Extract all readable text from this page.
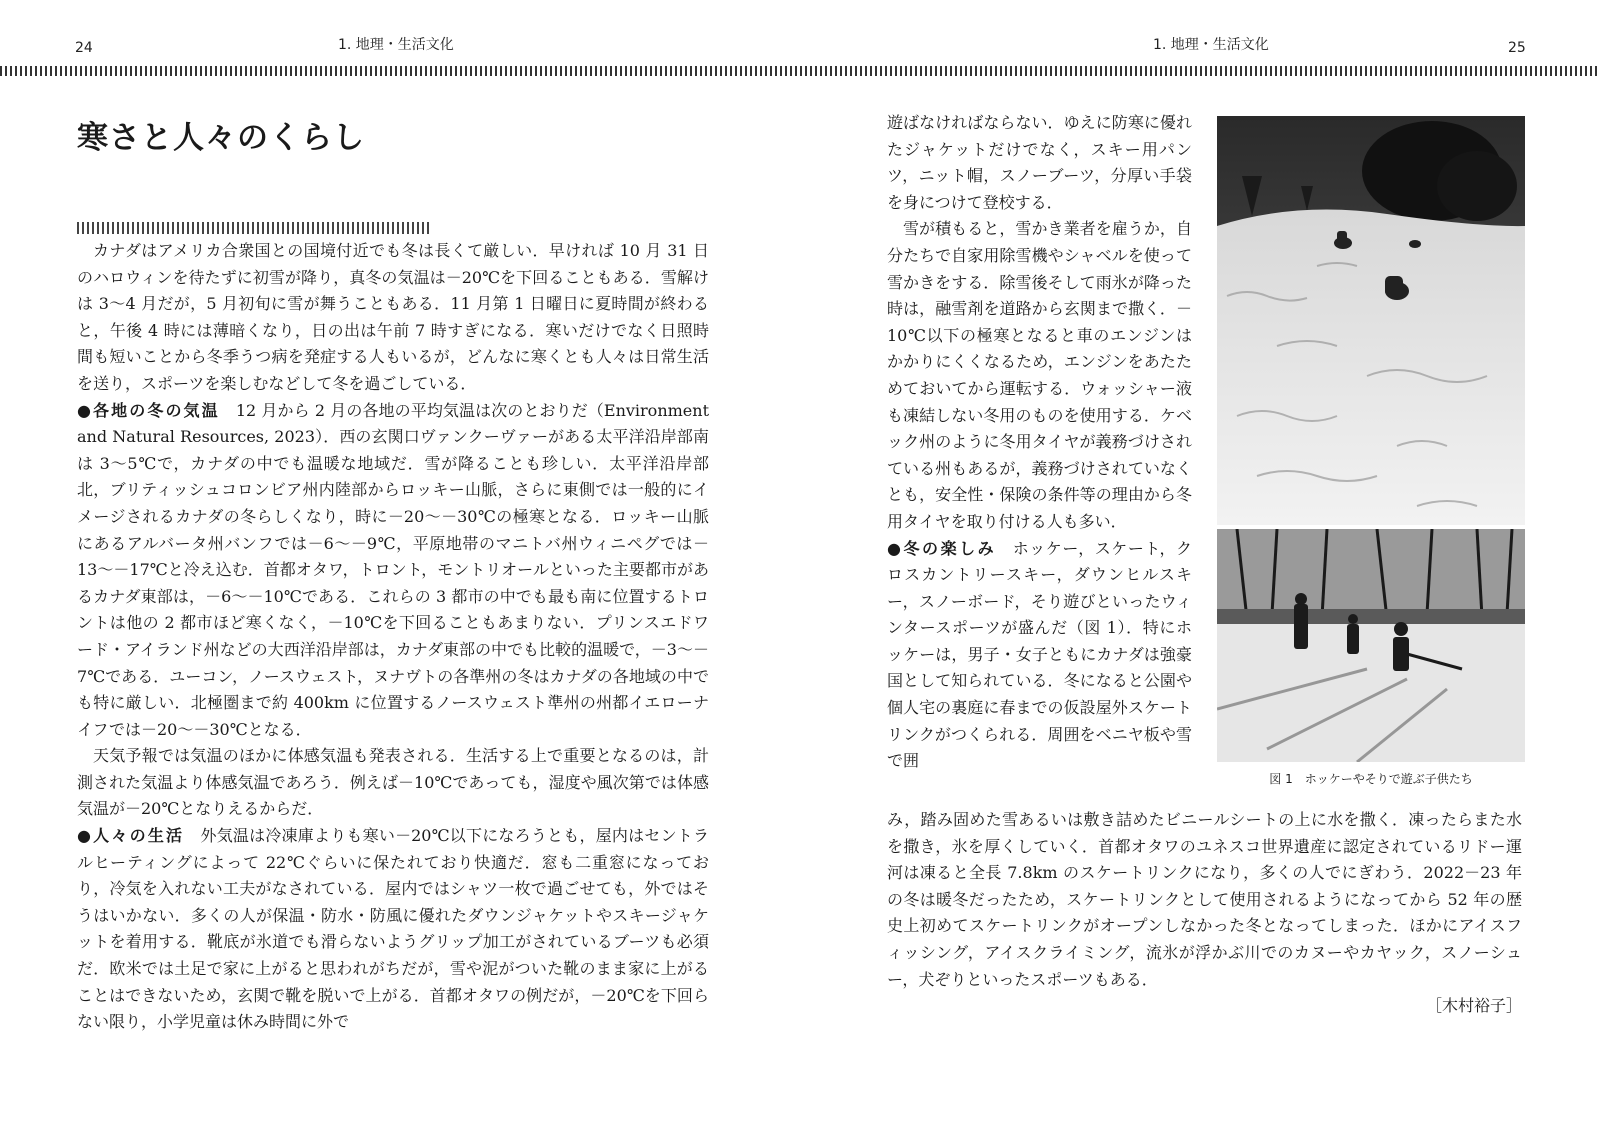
24	1. 地理・生活文化	1. 地理・生活文化	25
寒さと人々のくらし

カナダはアメリカ合衆国との国境付近でも冬は長くて厳しい．早ければ 10 月 31 日のハロウィンを待たずに初雪が降り，真冬の気温は－20℃を下回ることもある．雪解けは 3～4 月だが，5 月初旬に雪が舞うこともある．11 月第 1 日曜日に夏時間が終わると，午後 4 時には薄暗くなり，日の出は午前 7 時すぎになる．寒いだけでなく日照時間も短いことから冬季うつ病を発症する人もいるが，どんなに寒くとも人々は日常生活を送り，スポーツを楽しむなどして冬を過ごしている．

●各地の冬の気温　12 月から 2 月の各地の平均気温は次のとおりだ（Environment and Natural Resources, 2023）．西の玄関口ヴァンクーヴァーがある太平洋沿岸部南は 3～5℃で，カナダの中でも温暖な地域だ．雪が降ることも珍しい．太平洋沿岸部北，ブリティッシュコロンビア州内陸部からロッキー山脈，さらに東側では一般的にイメージされるカナダの冬らしくなり，時に－20～－30℃の極寒となる．ロッキー山脈にあるアルバータ州バンフでは－6～－9℃，平原地帯のマニトバ州ウィニペグでは－13～－17℃と冷え込む．首都オタワ，トロント，モントリオールといった主要都市があるカナダ東部は，－6～－10℃である．これらの 3 都市の中でも最も南に位置するトロントは他の 2 都市ほど寒くなく，－10℃を下回ることもあまりない．プリンスエドワード・アイランド州などの大西洋沿岸部は，カナダ東部の中でも比較的温暖で，－3～－7℃である．ユーコン，ノースウェスト，ヌナヴトの各準州の冬はカナダの各地域の中でも特に厳しい．北極圏まで約 400km に位置するノースウェスト準州の州都イエローナイフでは－20～－30℃となる．

天気予報では気温のほかに体感気温も発表される．生活する上で重要となるのは，計測された気温より体感気温であろう．例えば－10℃であっても，湿度や風次第では体感気温が－20℃となりえるからだ．

●人々の生活　外気温は冷凍庫よりも寒い－20℃以下になろうとも，屋内はセントラルヒーティングによって 22℃ぐらいに保たれており快適だ．窓も二重窓になっており，冷気を入れない工夫がなされている．屋内ではシャツ一枚で過ごせても，外ではそうはいかない．多くの人が保温・防水・防風に優れたダウンジャケットやスキージャケットを着用する．靴底が氷道でも滑らないようグリップ加工がされているブーツも必須だ．欧米では土足で家に上がると思われがちだが，雪や泥がついた靴のまま家に上がることはできないため，玄関で靴を脱いで上がる．首都オタワの例だが，－20℃を下回らない限り，小学児童は休み時間に外で

遊ばなければならない．ゆえに防寒に優れたジャケットだけでなく，スキー用パンツ，ニット帽，スノーブーツ，分厚い手袋を身につけて登校する．

雪が積もると，雪かき業者を雇うか，自分たちで自家用除雪機やシャベルを使って雪かきをする．除雪後そして雨氷が降った時は，融雪剤を道路から玄関まで撒く．－10℃以下の極寒となると車のエンジンはかかりにくくなるため，エンジンをあたためておいてから運転する．ウォッシャー液も凍結しない冬用のものを使用する．ケベック州のように冬用タイヤが義務づけされている州もあるが，義務づけされていなくとも，安全性・保険の条件等の理由から冬用タイヤを取り付ける人も多い．

●冬の楽しみ　ホッケー，スケート，クロスカントリースキー，ダウンヒルスキー，スノーボード，そり遊びといったウィンタースポーツが盛んだ（図 1）．特にホッケーは，男子・女子ともにカナダは強豪国として知られている．冬になると公園や個人宅の裏庭に春までの仮設屋外スケートリンクがつくられる．周囲をベニヤ板や雪で囲

み，踏み固めた雪あるいは敷き詰めたビニールシートの上に水を撒く．凍ったらまた水を撒き，氷を厚くしていく．首都オタワのユネスコ世界遺産に認定されているリドー運河は凍ると全長 7.8km のスケートリンクになり，多くの人でにぎわう．2022－23 年の冬は暖冬だったため，スケートリンクとして使用されるようになってから 52 年の歴史上初めてスケートリンクがオープンしなかった冬となってしまった．ほかにアイスフィッシング，アイスクライミング，流氷が浮かぶ川でのカヌーやカヤック，スノーシュー，犬ぞりといったスポーツもある．

［木村裕子］
図 1　ホッケーやそりで遊ぶ子供たち
